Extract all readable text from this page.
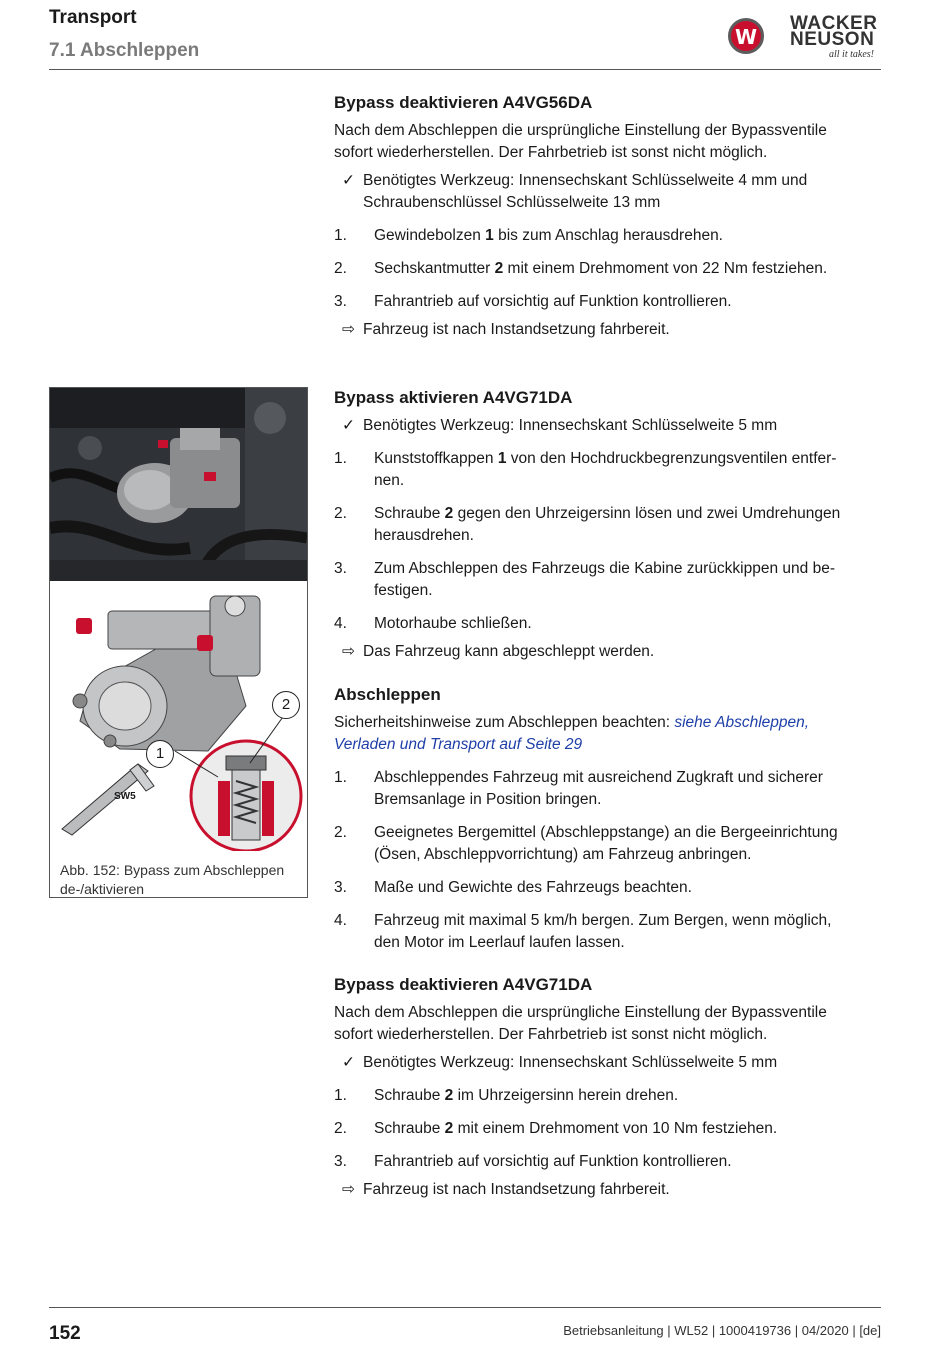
Transport
7.1 Abschleppen
W
WACKER
NEUSON
all it takes!
Bypass deaktivieren A4VG56DA

Nach dem Abschleppen die ursprüngliche Einstellung der Bypassventile
sofort wiederherstellen. Der Fahrbetrieb ist sonst nicht möglich.

✓ Benötigtes Werkzeug: Innensechskant Schlüsselweite 4 mm und
Schraubenschlüssel Schlüsselweite 13 mm
1. Gewindebolzen 1 bis zum Anschlag herausdrehen.
2. Sechskantmutter 2 mit einem Drehmoment von 22 Nm festziehen.
3. Fahrantrieb auf vorsichtig auf Funktion kontrollieren.
⇨ Fahrzeug ist nach Instandsetzung fahrbereit.
Bypass aktivieren A4VG71DA
✓ Benötigtes Werkzeug: Innensechskant Schlüsselweite 5 mm
1. Kunststoffkappen 1 von den Hochdruckbegrenzungsventilen entfer-
nen.
2. Schraube 2 gegen den Uhrzeigersinn lösen und zwei Umdrehungen
herausdrehen.
3. Zum Abschleppen des Fahrzeugs die Kabine zurückkippen und be-
festigen.
4. Motorhaube schließen.
⇨ Das Fahrzeug kann abgeschleppt werden.
Abschleppen

Sicherheitshinweise zum Abschleppen beachten: siehe Abschleppen,
Verladen und Transport auf Seite 29

1. Abschleppendes Fahrzeug mit ausreichend Zugkraft und sicherer
Bremsanlage in Position bringen.
2. Geeignetes Bergemittel (Abschleppstange) an die Bergeeinrichtung
(Ösen, Abschleppvorrichtung) am Fahrzeug anbringen.
3. Maße und Gewichte des Fahrzeugs beachten.
4. Fahrzeug mit maximal 5 km/h bergen. Zum Bergen, wenn möglich,
den Motor im Leerlauf laufen lassen.
Bypass deaktivieren A4VG71DA

Nach dem Abschleppen die ursprüngliche Einstellung der Bypassventile
sofort wiederherstellen. Der Fahrbetrieb ist sonst nicht möglich.

✓ Benötigtes Werkzeug: Innensechskant Schlüsselweite 5 mm
1. Schraube 2 im Uhrzeigersinn herein drehen.
2. Schraube 2 mit einem Drehmoment von 10 Nm festziehen.
3. Fahrantrieb auf vorsichtig auf Funktion kontrollieren.
⇨ Fahrzeug ist nach Instandsetzung fahrbereit.
1
2
SW5
Abb. 152: Bypass zum Abschleppen
de-/aktivieren
152	Betriebsanleitung | WL52 | 1000419736 | 04/2020 | [de]
